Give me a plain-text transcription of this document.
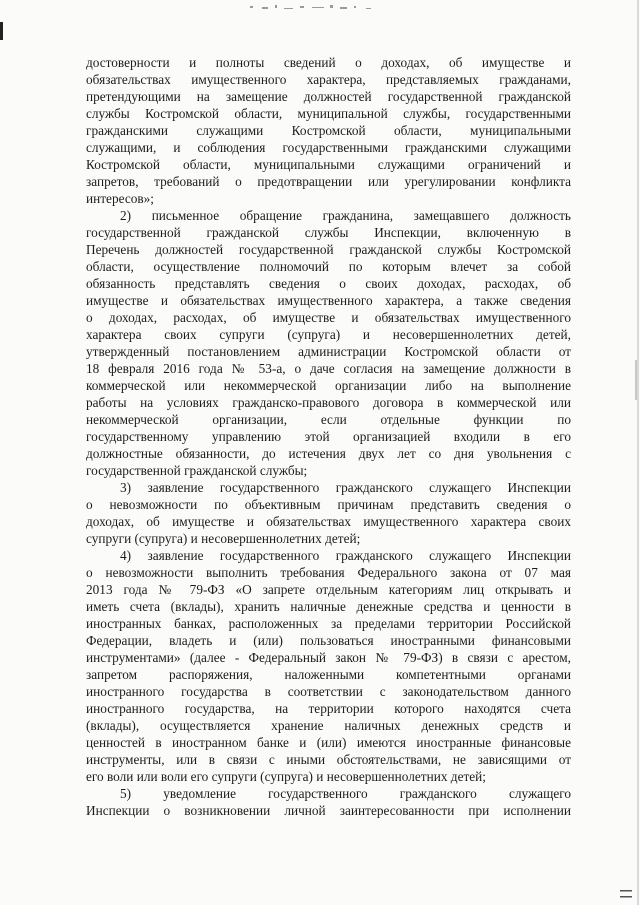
достоверности и полноты сведений о доходах, об имуществе и
обязательствах имущественного характера, представляемых гражданами,
претендующими на замещение должностей государственной гражданской
службы Костромской области, муниципальной службы, государственными
гражданскими служащими Костромской области, муниципальными
служащими, и соблюдения государственными гражданскими служащими
Костромской области, муниципальными служащими ограничений и
запретов, требований о предотвращении или урегулировании конфликта
интересов»;
2) письменное обращение гражданина, замещавшего должность
государственной гражданской службы Инспекции, включенную в
Перечень должностей государственной гражданской службы Костромской
области, осуществление полномочий по которым влечет за собой
обязанность представлять сведения о своих доходах, расходах, об
имуществе и обязательствах имущественного характера, а также сведения
о доходах, расходах, об имуществе и обязательствах имущественного
характера своих супруги (супруга) и несовершеннолетних детей,
утвержденный постановлением администрации Костромской области от
18 февраля 2016 года № 53-а, о даче согласия на замещение должности в
коммерческой или некоммерческой организации либо на выполнение
работы на условиях гражданско-правового договора в коммерческой или
некоммерческой организации, если отдельные функции по
государственному управлению этой организацией входили в его
должностные обязанности, до истечения двух лет со дня увольнения с
государственной гражданской службы;
3) заявление государственного гражданского служащего Инспекции
о невозможности по объективным причинам представить сведения о
доходах, об имуществе и обязательствах имущественного характера своих
супруги (супруга) и несовершеннолетних детей;
4) заявление государственного гражданского служащего Инспекции
о невозможности выполнить требования Федерального закона от 07 мая
2013 года № 79-ФЗ «О запрете отдельным категориям лиц открывать и
иметь счета (вклады), хранить наличные денежные средства и ценности в
иностранных банках, расположенных за пределами территории Российской
Федерации, владеть и (или) пользоваться иностранными финансовыми
инструментами» (далее - Федеральный закон № 79-ФЗ) в связи с арестом,
запретом распоряжения, наложенными компетентными органами
иностранного государства в соответствии с законодательством данного
иностранного государства, на территории которого находятся счета
(вклады), осуществляется хранение наличных денежных средств и
ценностей в иностранном банке и (или) имеются иностранные финансовые
инструменты, или в связи с иными обстоятельствами, не зависящими от
его воли или воли его супруги (супруга) и несовершеннолетних детей;
5) уведомление государственного гражданского служащего
Инспекции о возникновении личной заинтересованности при исполнении
